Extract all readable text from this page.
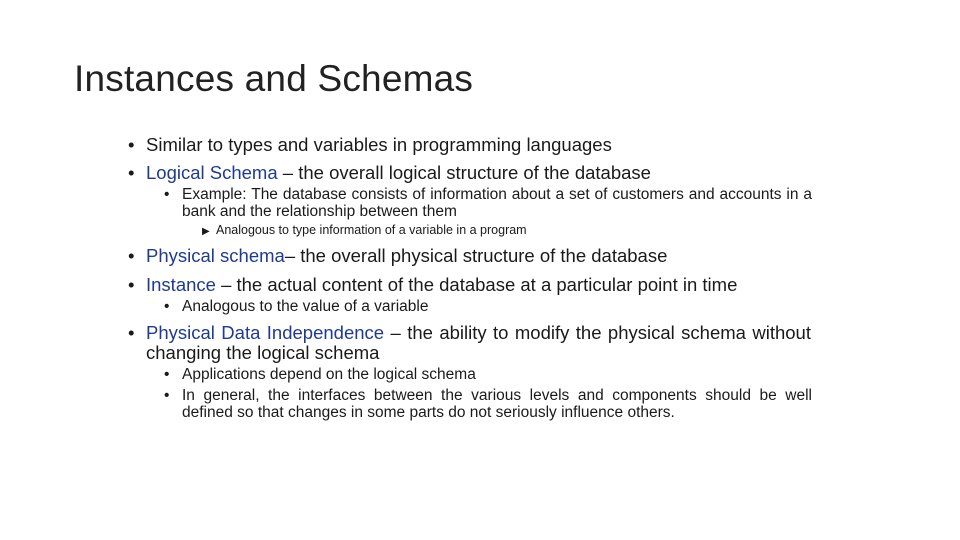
Instances and Schemas
• Similar to types and variables in programming languages
• Logical Schema – the overall logical structure of the database
• Example: The database consists of information about a set of customers and accounts in a bank and the relationship between them
▶ Analogous to type information of a variable in a program
• Physical schema– the overall physical structure of the database
• Instance – the actual content of the database at a particular point in time
• Analogous to the value of a variable
• Physical Data Independence – the ability to modify the physical schema without changing the logical schema
• Applications depend on the logical schema
• In general, the interfaces between the various levels and components should be well defined so that changes in some parts do not seriously influence others.
